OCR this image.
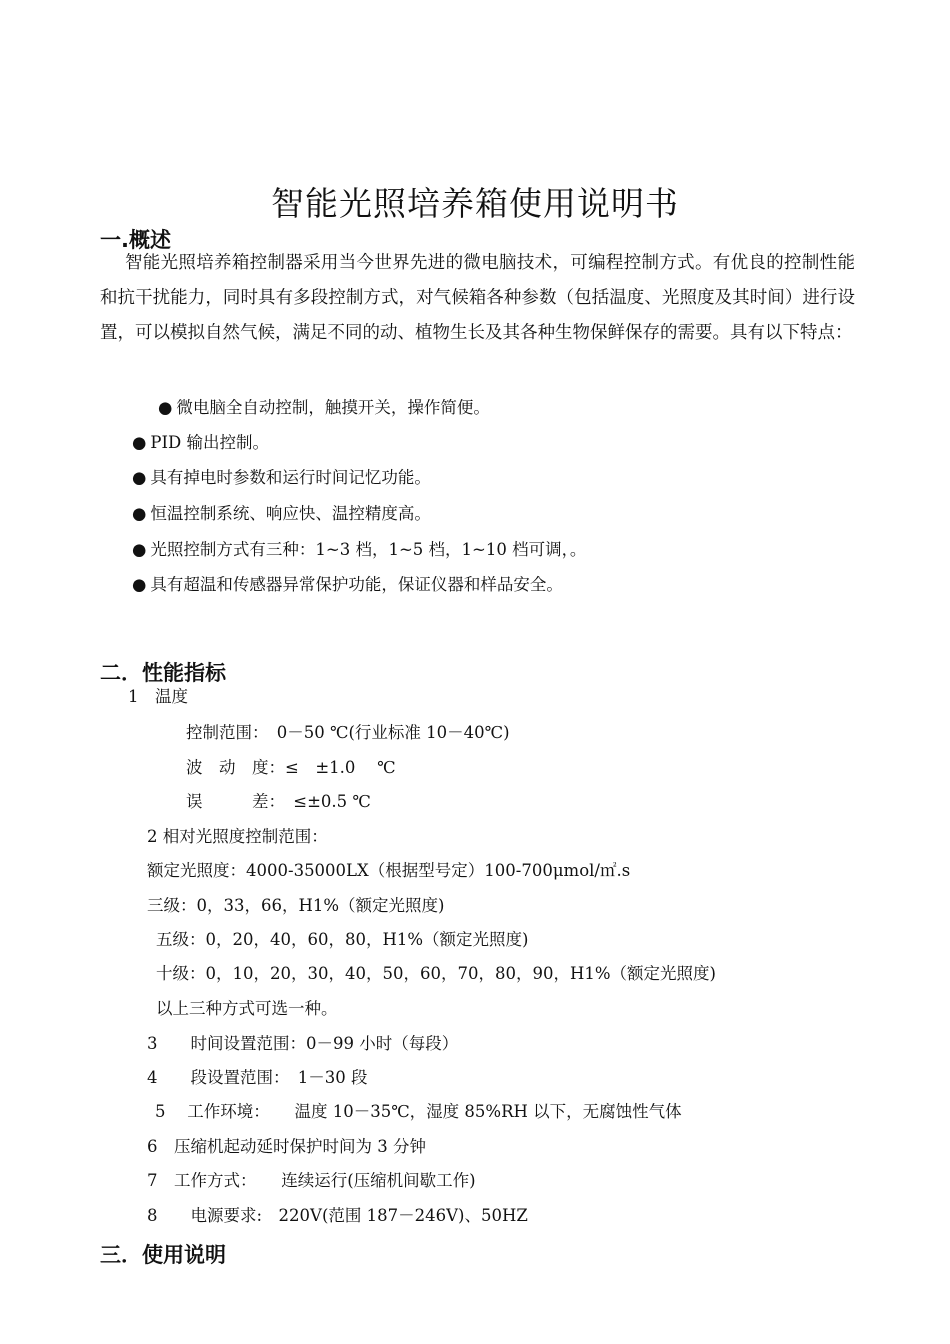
智能光照培养箱使用说明书
一.概述
智能光照培养箱控制器采用当今世界先进的微电脑技术，可编程控制方式。有优良的控制性能和抗干扰能力，同时具有多段控制方式，对气候箱各种参数（包括温度、光照度及其时间）进行设置，可以模拟自然气候，满足不同的动、植物生长及其各种生物保鲜保存的需要。具有以下特点：
● 微电脑全自动控制，触摸开关，操作简便。
● PID 输出控制。
● 具有掉电时参数和运行时间记忆功能。
● 恒温控制系统、响应快、温控精度高。
● 光照控制方式有三种：1~3 档，1~5 档，1~10 档可调，。
● 具有超温和传感器异常保护功能，保证仪器和样品安全。
二．性能指标
1　温度
控制范围：　0－50 ℃(行业标准 10－40℃)
波　动　度：≤　±1.0　 ℃
误　　　差：　≤±0.5 ℃
2 相对光照度控制范围：
额定光照度：4000-35000LX（根据型号定）100-700μmol/㎡.s
三级：0，33，66，H1%（额定光照度)
五级：0，20，40，60，80，H1%（额定光照度)
十级：0，10，20，30，40，50，60，70，80，90，H1%（额定光照度)
以上三种方式可选一种。
3　　时间设置范围：0－99 小时（每段）
4　　段设置范围：　1－30 段
5　 工作环境：　　温度 10－35℃，湿度 85%RH 以下，无腐蚀性气体
6　压缩机起动延时保护时间为 3 分钟
7　工作方式：　　连续运行(压缩机间歇工作)
8　　电源要求:　220V(范围 187－246V)、50HZ
三．使用说明
